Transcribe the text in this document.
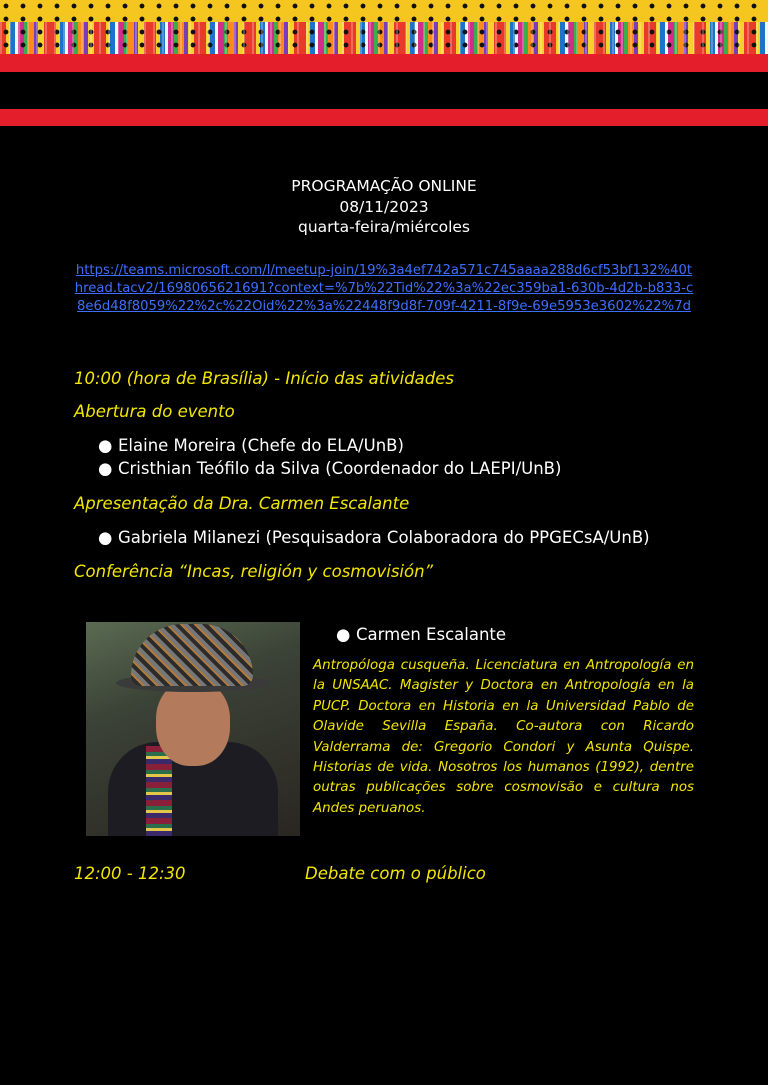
PROGRAMAÇÃO ONLINE
08/11/2023
quarta-feira/miércoles
https://teams.microsoft.com/l/meetup-join/19%3a4ef742a571c745aaaa288d6cf53bf132%40thread.tacv2/1698065621691?context=%7b%22Tid%22%3a%22ec359ba1-630b-4d2b-b833-c8e6d48f8059%22%2c%22Oid%22%3a%22448f9d8f-709f-4211-8f9e-69e5953e3602%22%7d
10:00 (hora de Brasília) - Início das atividades
Abertura do evento
● Elaine Moreira (Chefe do ELA/UnB)
● Cristhian Teófilo da Silva (Coordenador do LAEPI/UnB)
Apresentação da Dra. Carmen Escalante
● Gabriela Milanezi (Pesquisadora Colaboradora do PPGECsA/UnB)
Conferência “Incas, religión y cosmovisión”
● Carmen Escalante
Antropóloga cusqueña. Licenciatura en Antropología en la UNSAAC. Magister y Doctora en Antropología en la PUCP. Doctora en Historia en la Universidad Pablo de Olavide Sevilla España. Co-autora con Ricardo Valderrama de: Gregorio Condori y Asunta Quispe. Historias de vida. Nosotros los humanos (1992), dentre outras publicações sobre cosmovisão e cultura nos Andes peruanos.
12:00 - 12:30	Debate com o público
